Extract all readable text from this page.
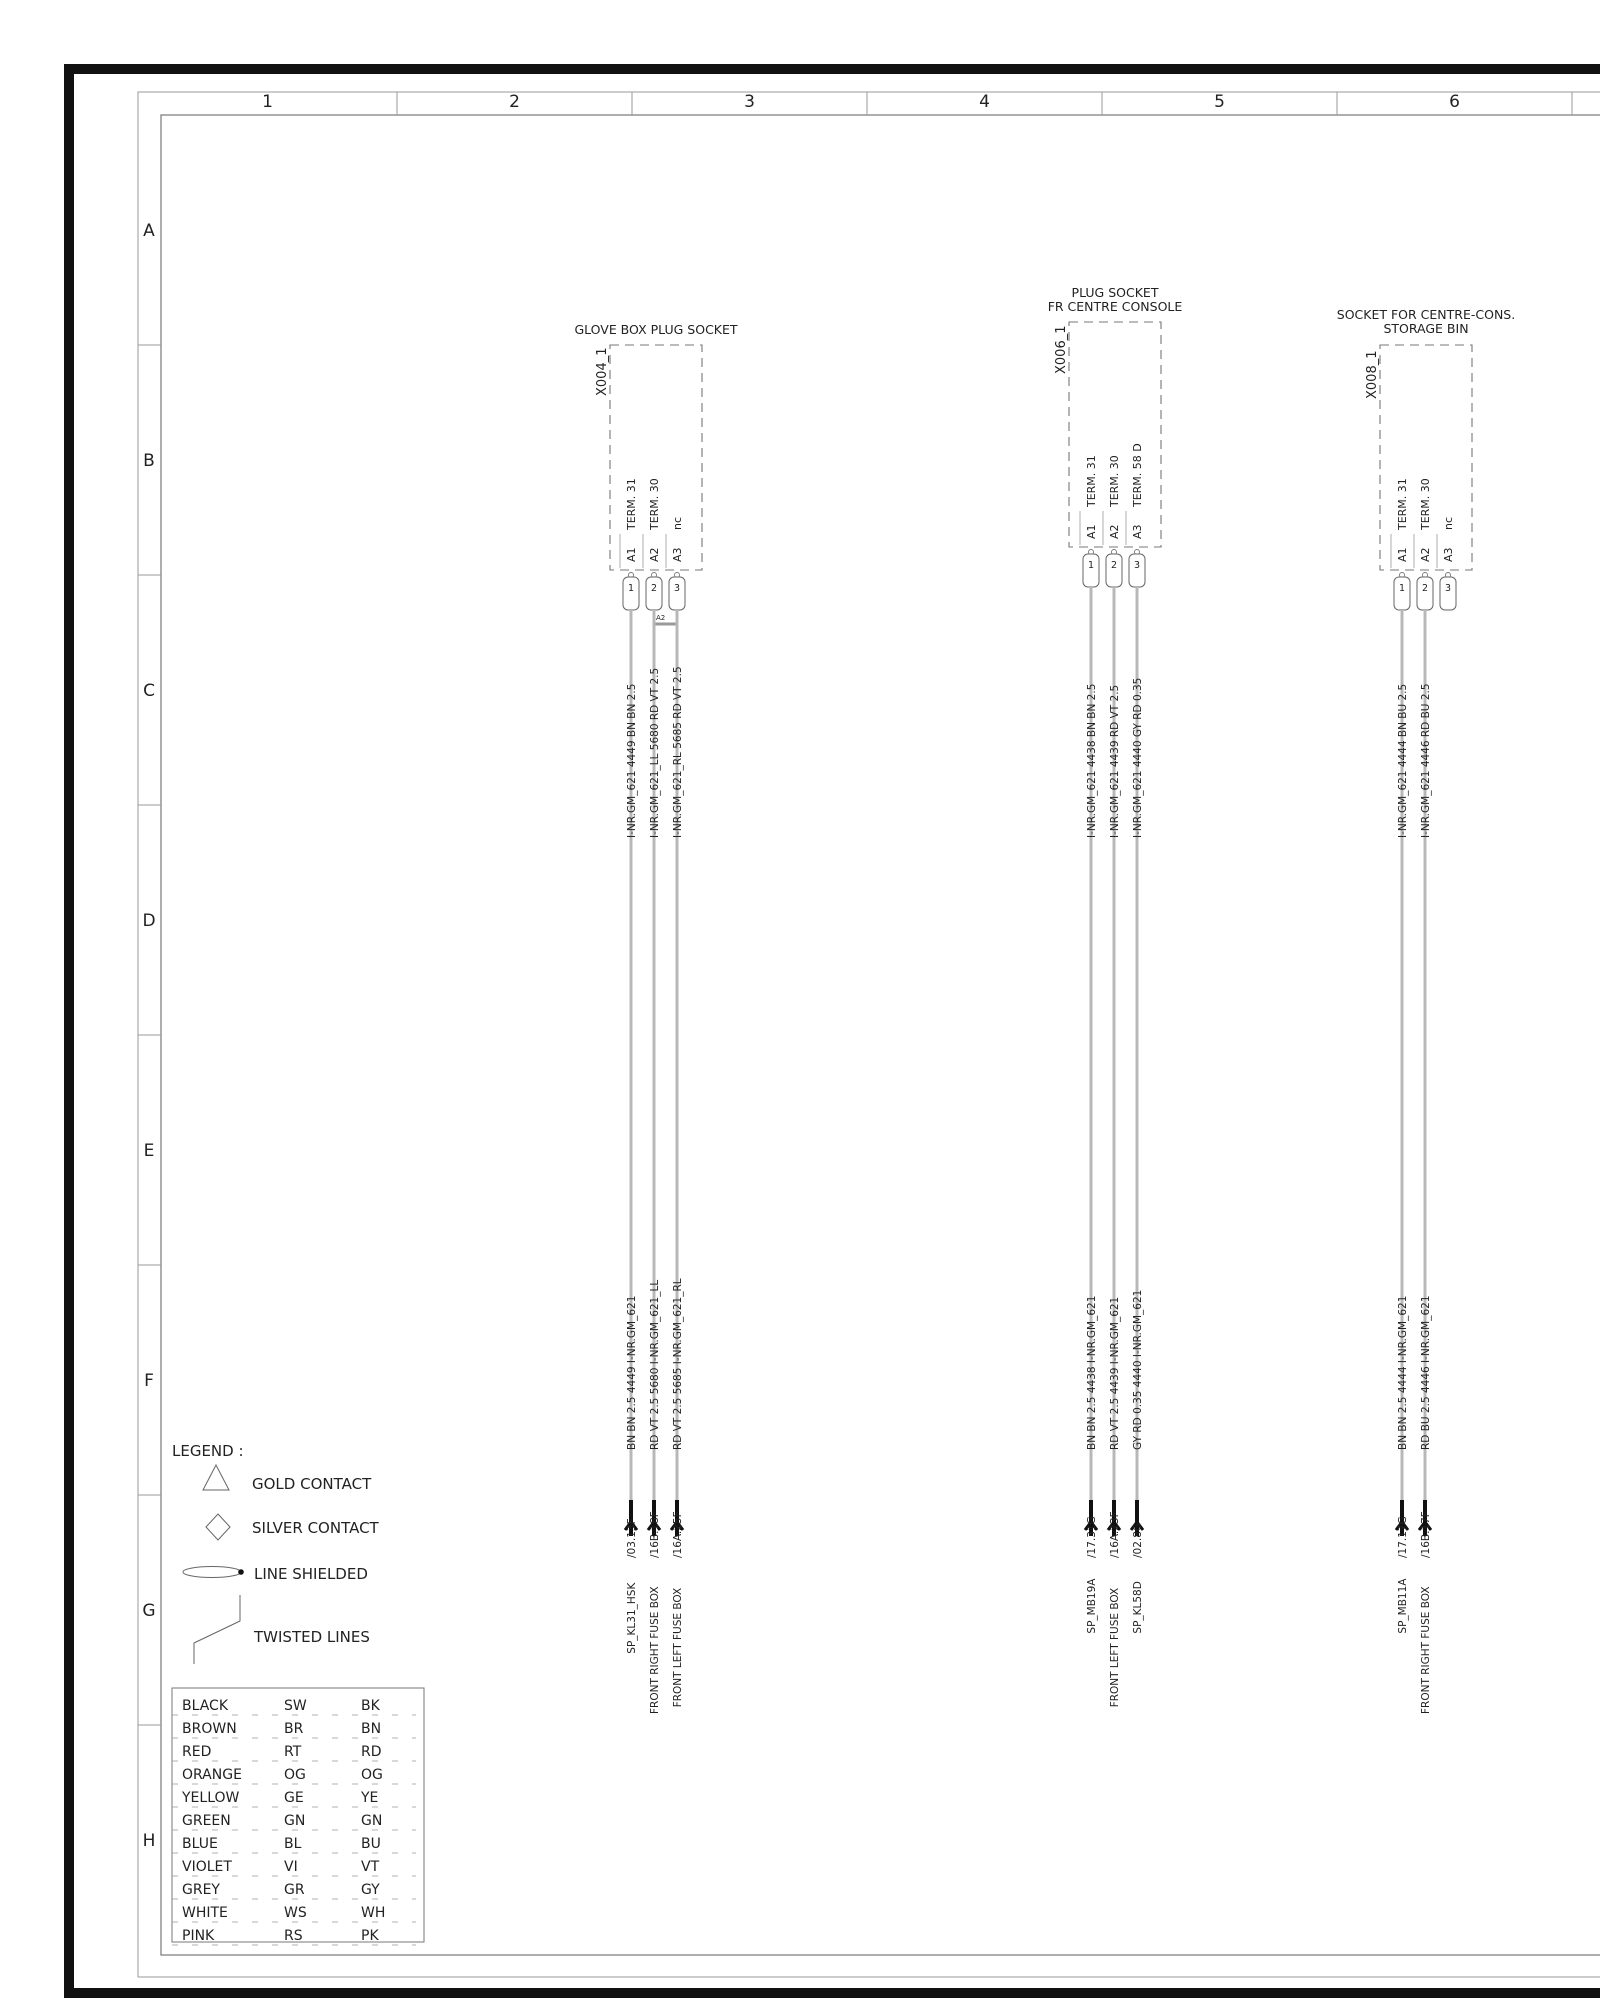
1	2	3	4	5	6
A
B
C
D
E
F
G
H
GLOVE BOX PLUG SOCKET
X004_1
A1
TERM. 31
1
A2
TERM. 30
2
A3
nc
3
A2
I-NR.GM_621 4449 BN BN 2.5
BN BN 2.5 4449 I-NR.GM_621
/03.13F
SP_KL31_HSK
I-NR.GM_621_LL 5680 RD VT 2.5
RD VT 2.5 5680 I-NR.GM_621_LL
/16B.18F
FRONT RIGHT FUSE BOX
I-NR.GM_621_RL 5685 RD VT 2.5
RD VT 2.5 5685 I-NR.GM_621_RL
/16A.25F
FRONT LEFT FUSE BOX
PLUG SOCKET
FR CENTRE CONSOLE
X006_1
A1
TERM. 31
1
A2
TERM. 30
2
A3
TERM. 58 D
3
I-NR.GM_621 4438 BN BN 2.5
BN BN 2.5 4438 I-NR.GM_621
/17.31G
SP_MB19A
I-NR.GM_621 4439 RD VT 2.5
RD VT 2.5 4439 I-NR.GM_621
/16A.23F
FRONT LEFT FUSE BOX
I-NR.GM_621 4440 GY RD 0.35
GY RD 0.35 4440 I-NR.GM_621
/02.8G
SP_KL58D
SOCKET FOR CENTRE-CONS.
STORAGE BIN
X008_1
A1
TERM. 31
1
A2
TERM. 30
2
A3
nc
3
I-NR.GM_621 4444 BN BU 2.5
BN BN 2.5 4444 I-NR.GM_621
/17.17G
SP_MB11A
I-NR.GM_621 4446 RD BU 2.5
RD BU 2.5 4446 I-NR.GM_621
/16B.17F
FRONT RIGHT FUSE BOX
LEGEND :
GOLD CONTACT
SILVER CONTACT
LINE SHIELDED
TWISTED LINES
BLACK	SW	BK
BROWN	BR	BN
RED	RT	RD
ORANGE	OG	OG
YELLOW	GE	YE
GREEN	GN	GN
BLUE	BL	BU
VIOLET	VI	VT
GREY	GR	GY
WHITE	WS	WH
PINK	RS	PK
